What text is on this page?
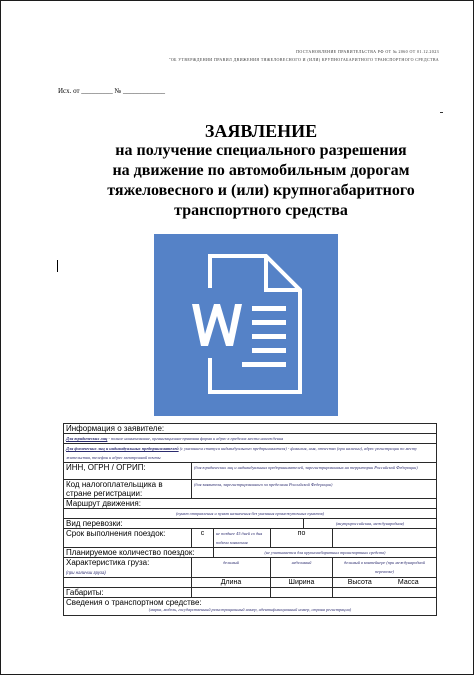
ПОСТАНОВЛЕНИЕ ПРАВИТЕЛЬСТВА РФ ОТ № 2060 ОТ 01.12.2023
"ОБ УТВЕРЖДЕНИИ ПРАВИЛ ДВИЖЕНИЯ ТЯЖЕЛОВЕСНОГО И (ИЛИ) КРУПНОГАБАРИТНОГО ТРАНСПОРТНОГО СРЕДСТВА
Исх. от _________ № ____________
ЗАЯВЛЕНИЕ
на получение специального разрешения
на движение по автомобильным дорогам
тяжеловесного и (или) крупногабаритного
транспортного средства
Информация о заявителе:					
Для юридических лиц - полное наименование, организационно-правовая форма и адрес в пределах места нахождения					
Для физических лиц и индивидуальных предпринимателей (с указанием статуса индивидуального предпринимателя) - фамилия, имя, отчество (при наличии), адрес регистрации по месту жительства, телефон и адрес электронной почты					
ИНН, ОГРН / ОГРИП:	(для юридических лиц и индивидуальных предпринимателей, зарегистрированных на территории Российской Федерации)				
Код налогоплательщика в стране регистрации:	(для заявителя, зарегистрированного за пределами Российской Федерации)				
Маршрут движения:					
(пункт отправления и пункт назначения без указания промежуточных пунктов)					
Вид перевозки:				(внутрироссийская, международная)	
Срок выполнения поездок:	с	не позднее 45 дней со дня подачи заявления	по		
Планируемое количество поездок:		(не учитывается для крупногабаритных транспортных средств)			
Характеристика груза:
(при наличии груза)	делимый		неделимый		делимый в контейнере (при международной перевозке)
	Длина		Ширина		Высота Масса
Габариты:					

Сведения о транспортном средстве:
(марка, модель, государственный регистрационный номер, идентификационный номер, страна регистрации)					
